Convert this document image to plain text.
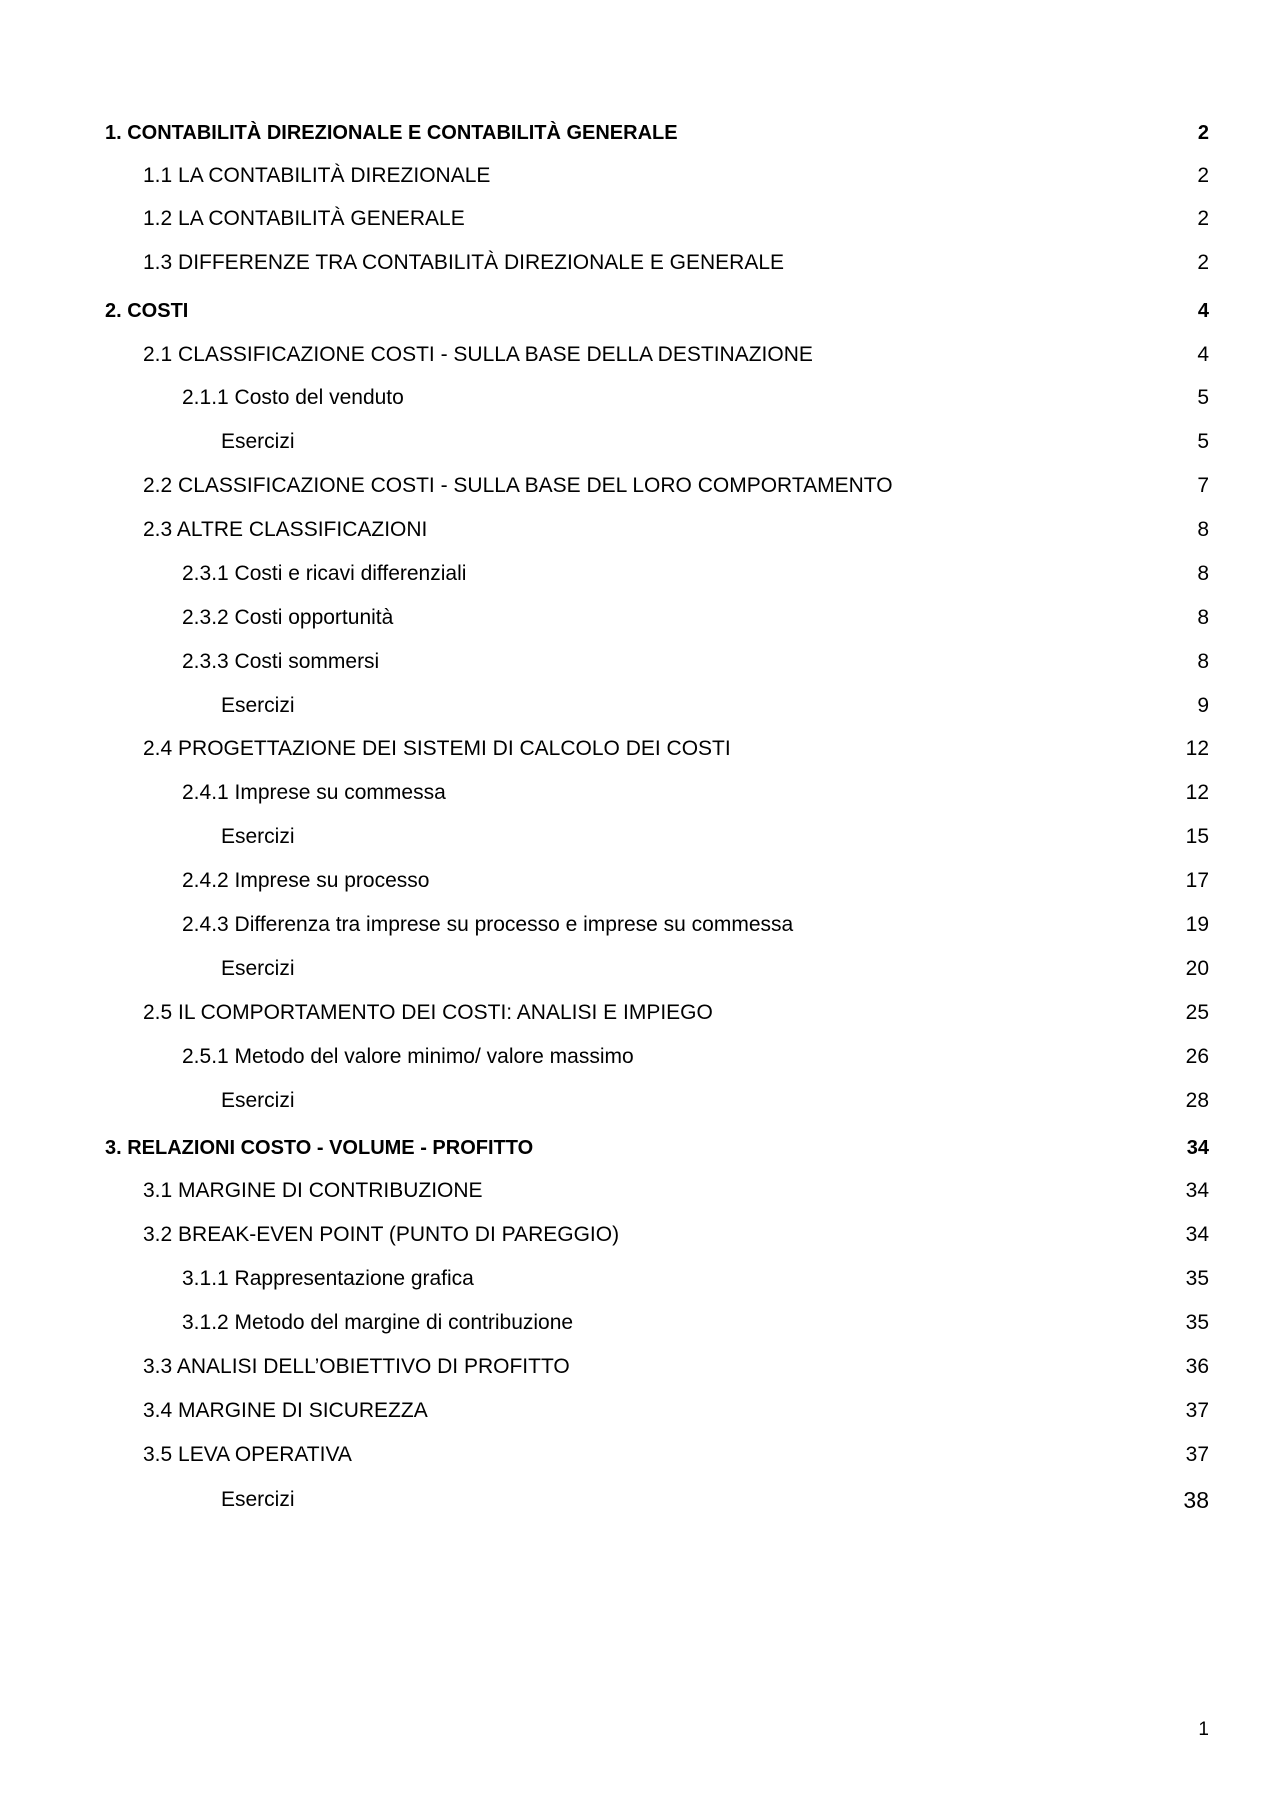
1. CONTABILITÀ DIREZIONALE E CONTABILITÀ GENERALE	2
1.1 LA CONTABILITÀ DIREZIONALE	2
1.2 LA CONTABILITÀ GENERALE	2
1.3 DIFFERENZE TRA CONTABILITÀ DIREZIONALE E GENERALE	2
2. COSTI	4
2.1 CLASSIFICAZIONE COSTI - SULLA BASE DELLA DESTINAZIONE	4
2.1.1 Costo del venduto	5
Esercizi	5
2.2 CLASSIFICAZIONE COSTI - SULLA BASE DEL LORO COMPORTAMENTO	7
2.3 ALTRE CLASSIFICAZIONI	8
2.3.1 Costi e ricavi differenziali	8
2.3.2 Costi opportunità	8
2.3.3 Costi sommersi	8
Esercizi	9
2.4 PROGETTAZIONE DEI SISTEMI DI CALCOLO DEI COSTI	12
2.4.1 Imprese su commessa	12
Esercizi	15
2.4.2 Imprese su processo	17
2.4.3 Differenza tra imprese su processo e imprese su commessa	19
Esercizi	20
2.5 IL COMPORTAMENTO DEI COSTI: ANALISI E IMPIEGO	25
2.5.1 Metodo del valore minimo/ valore massimo	26
Esercizi	28
3. RELAZIONI COSTO - VOLUME - PROFITTO	34
3.1 MARGINE DI CONTRIBUZIONE	34
3.2 BREAK-EVEN POINT (PUNTO DI PAREGGIO)	34
3.1.1 Rappresentazione grafica	35
3.1.2 Metodo del margine di contribuzione	35
3.3 ANALISI DELL’OBIETTIVO DI PROFITTO	36
3.4 MARGINE DI SICUREZZA	37
3.5 LEVA OPERATIVA	37
Esercizi	38
1
